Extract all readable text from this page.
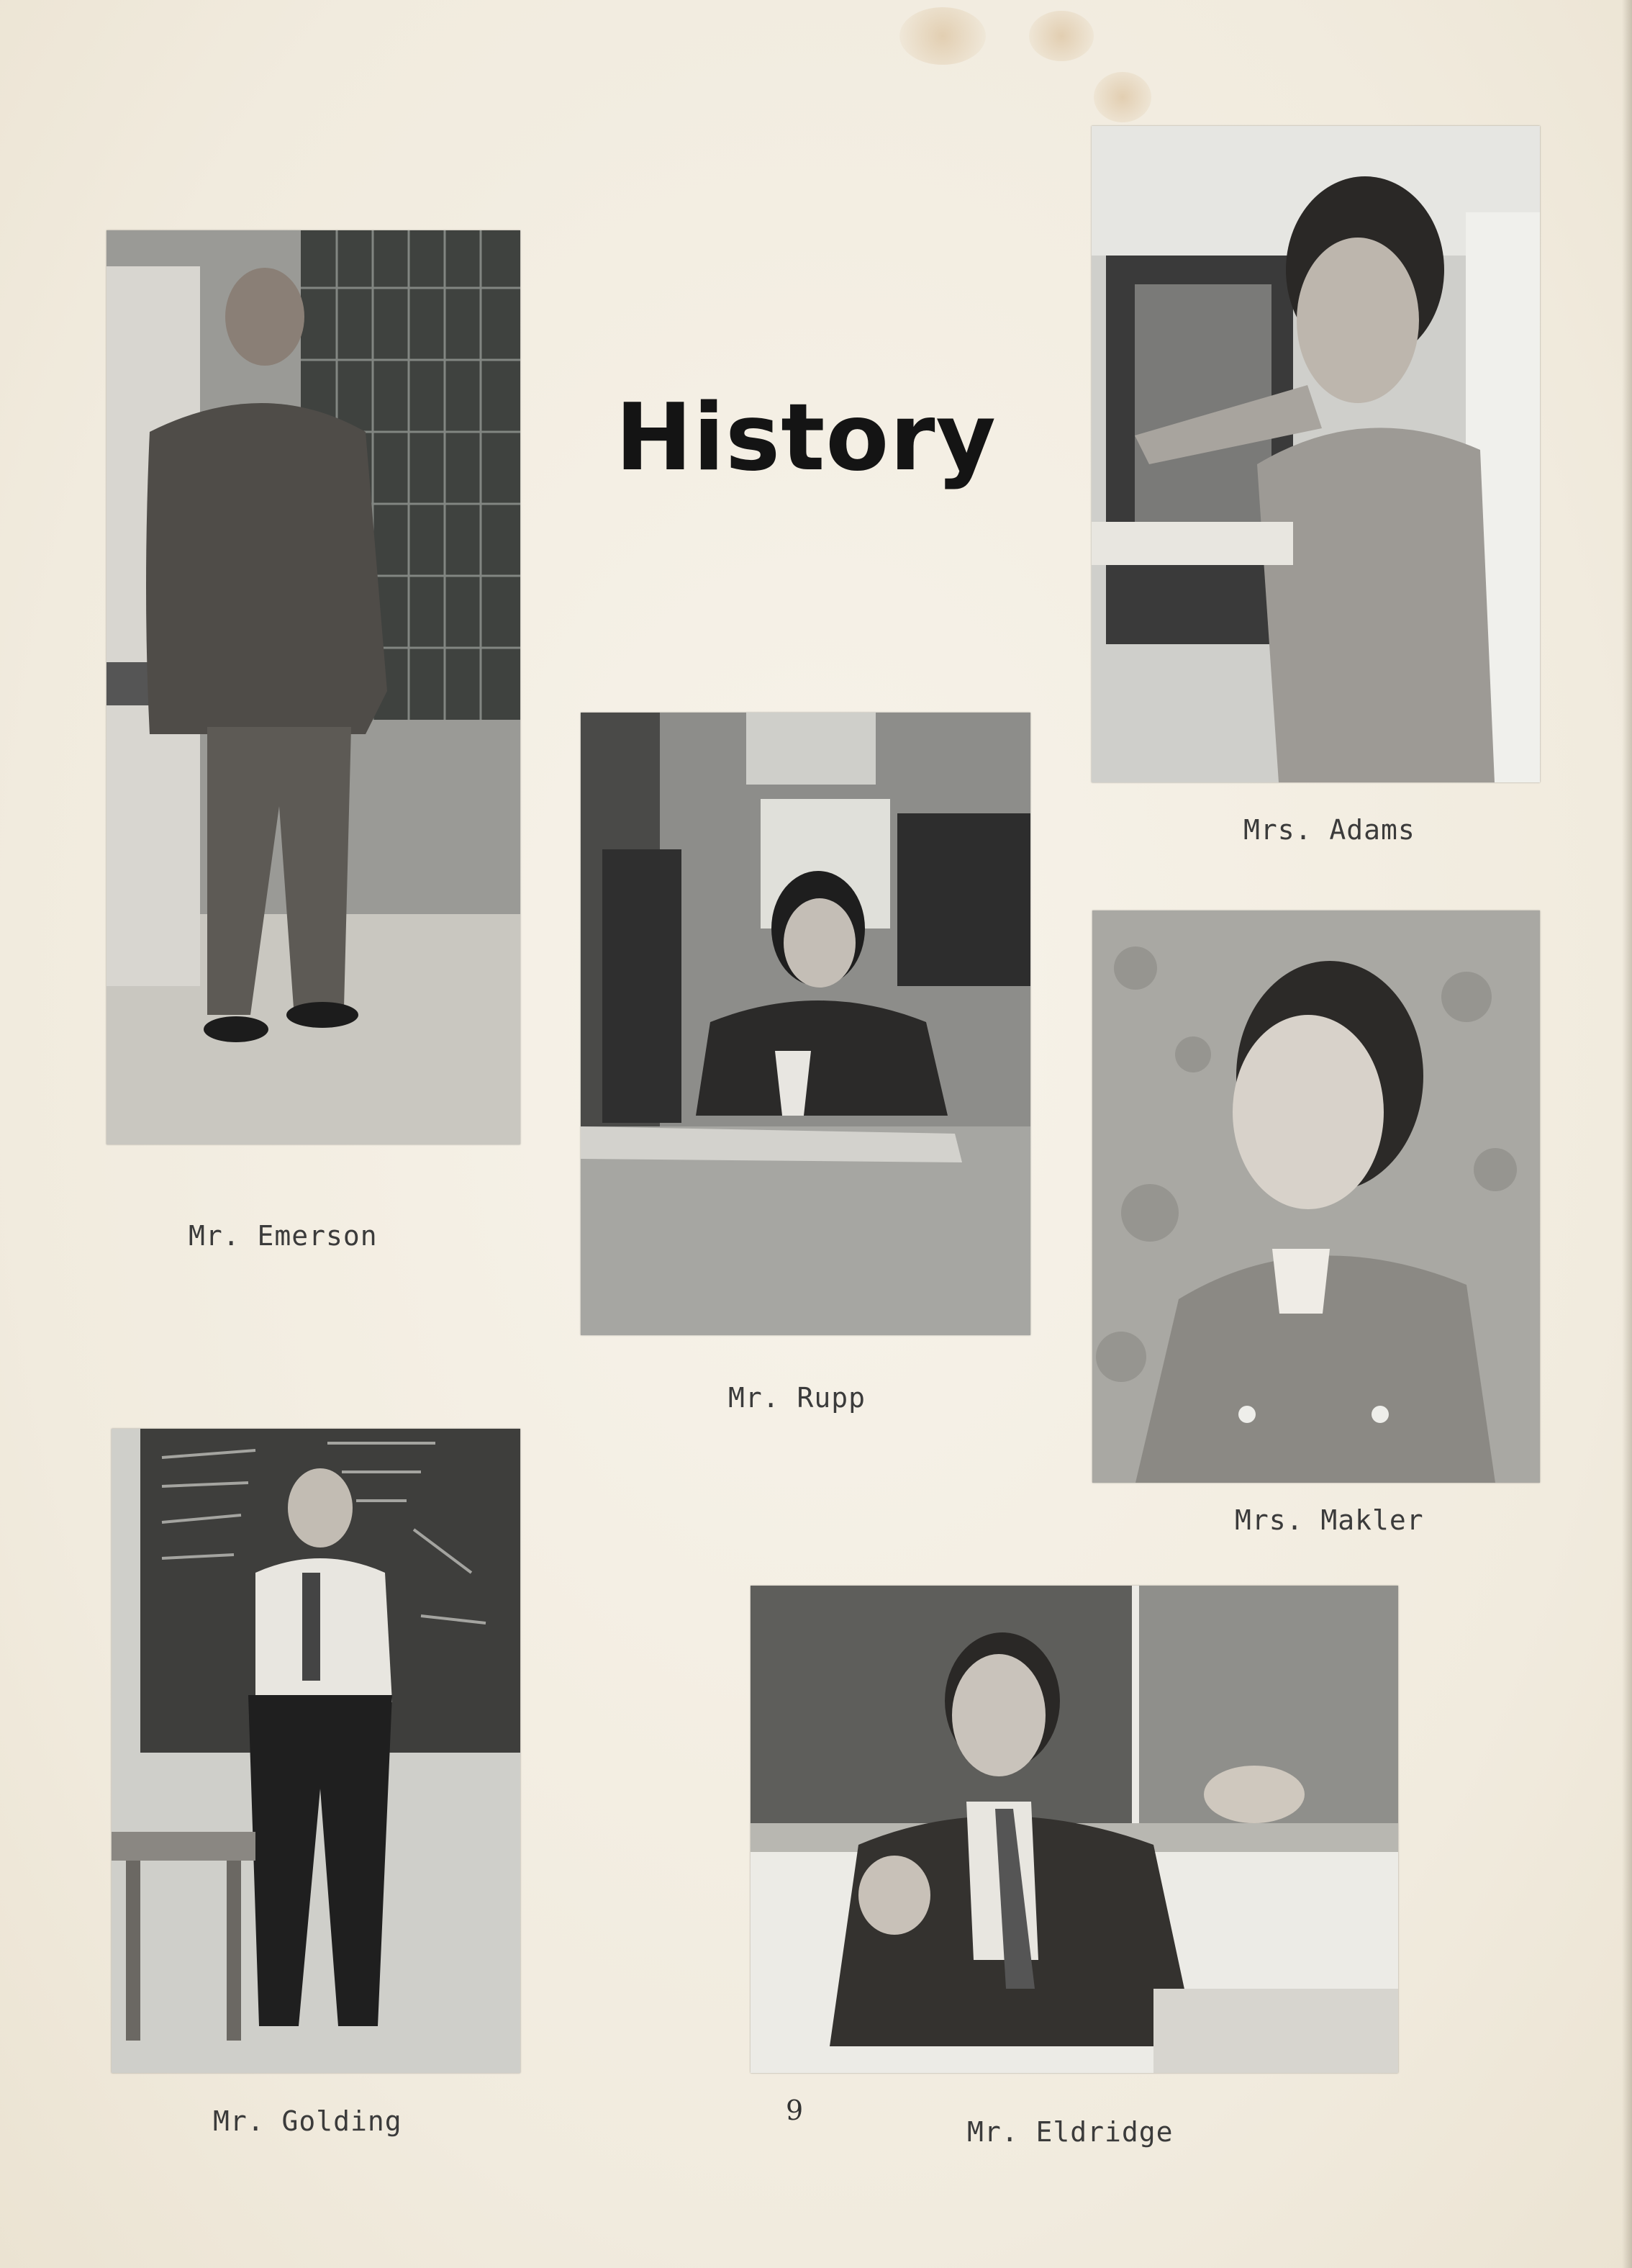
History
Mr. Emerson
Mrs. Adams
Mr. Rupp
Mrs. Makler
Mr. Golding	Mr. Eldridge
9
